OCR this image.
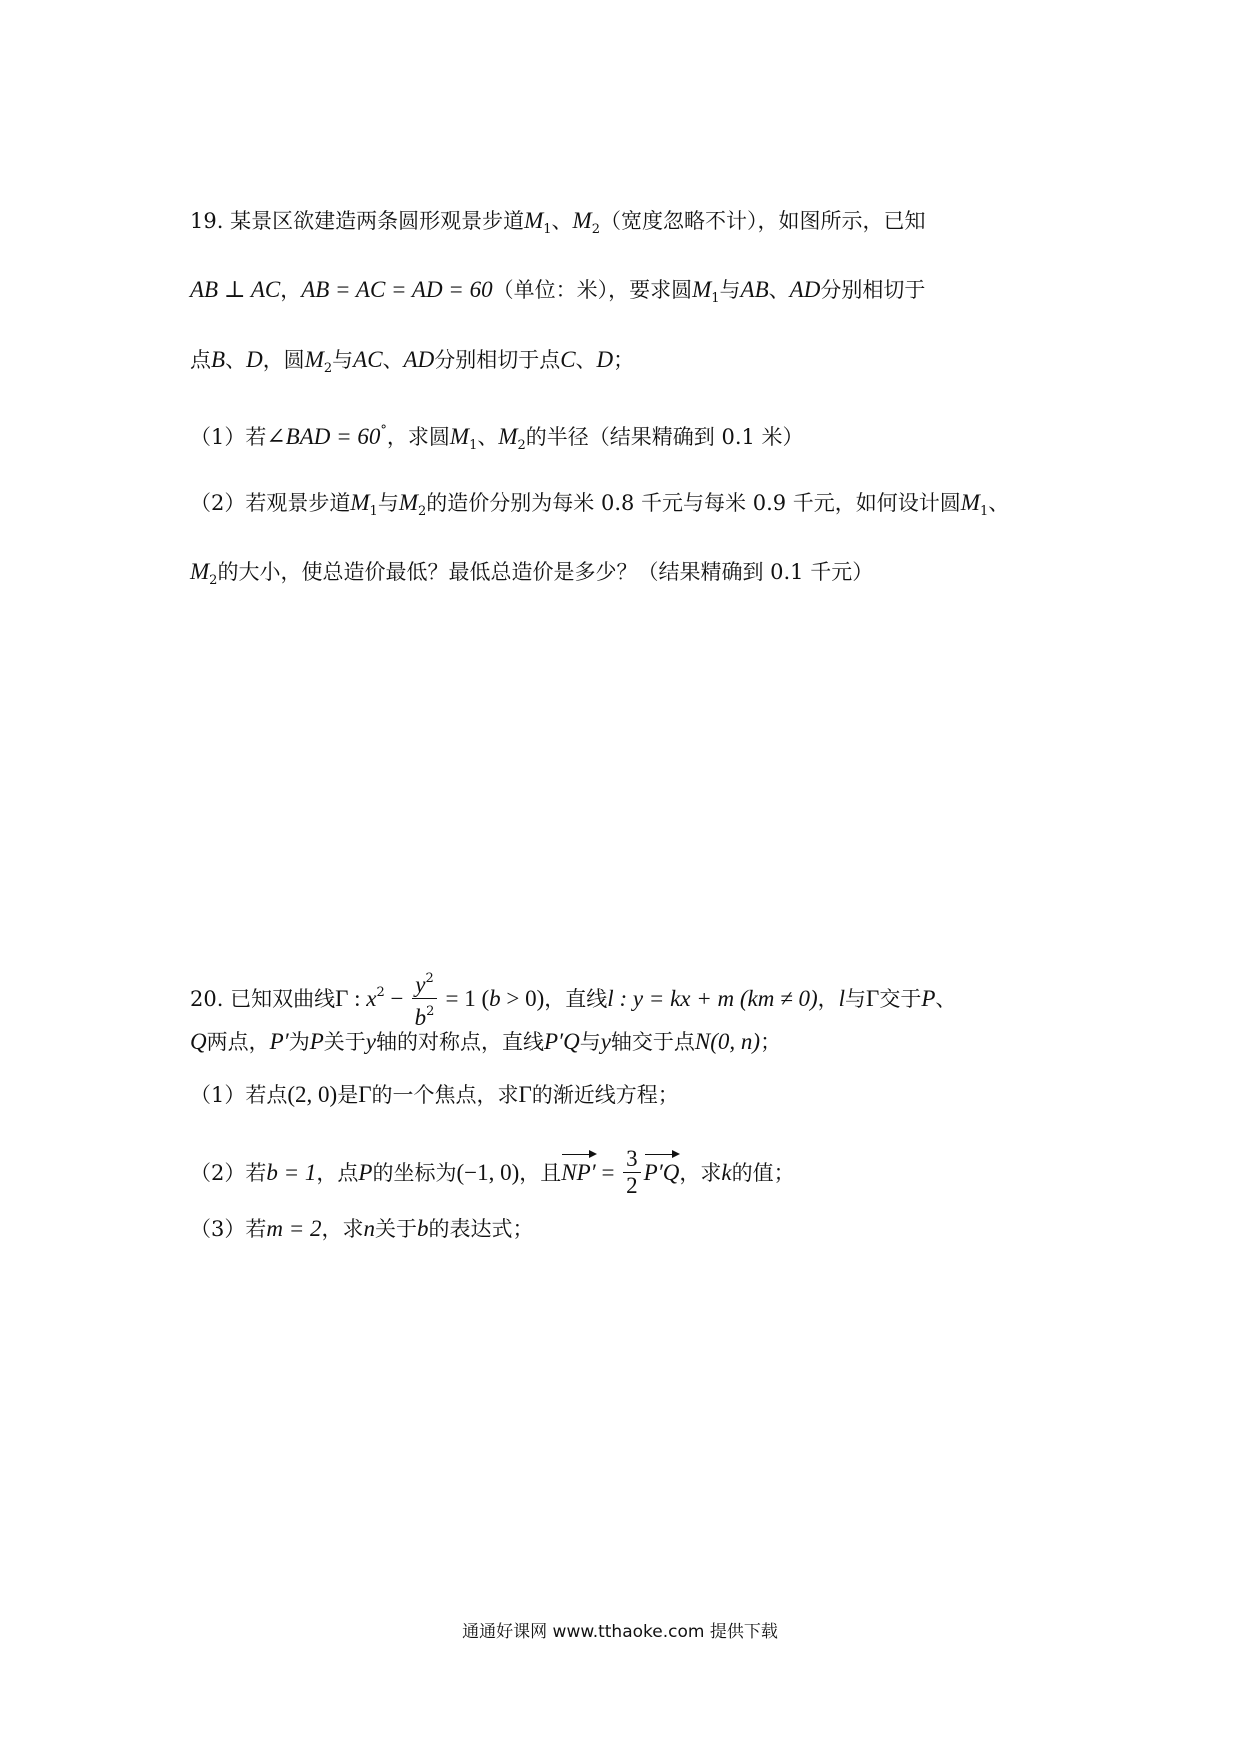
19. 某景区欲建造两条圆形观景步道$M_1$、$M_2$（宽度忽略不计），如图所示，已知
AB ⊥ AC，AB = AC = AD = 60（单位：米），要求圆$M_1$与AB、AD分别相切于
点B、D，圆$M_2$与AC、AD分别相切于点C、D；
（1）若∠BAD = 60°，求圆$M_1$、$M_2$的半径（结果精确到 0.1 米）
（2）若观景步道$M_1$与$M_2$的造价分别为每米 0.8 千元与每米 0.9 千元，如何设计圆$M_1$、
$M_2$的大小，使总造价最低？最低总造价是多少？（结果精确到 0.1 千元）
20. 已知双曲线Γ : $x^2 - \frac{y^2}{b^2} = 1$ (b > 0)，直线l : y = kx + m (km ≠ 0)，l与Γ交于P、
Q两点，P′为P关于y轴的对称点，直线P′Q与y轴交于点N(0, n)；
（1）若点(2, 0)是Γ的一个焦点，求Γ的渐近线方程；
（2）若b = 1，点P的坐标为(−1, 0)，且$NP' = \frac{3}{2} P'Q$，求k的值；
（3）若m = 2，求n关于b的表达式；
通通好课网 www.tthaoke.com 提供下载
